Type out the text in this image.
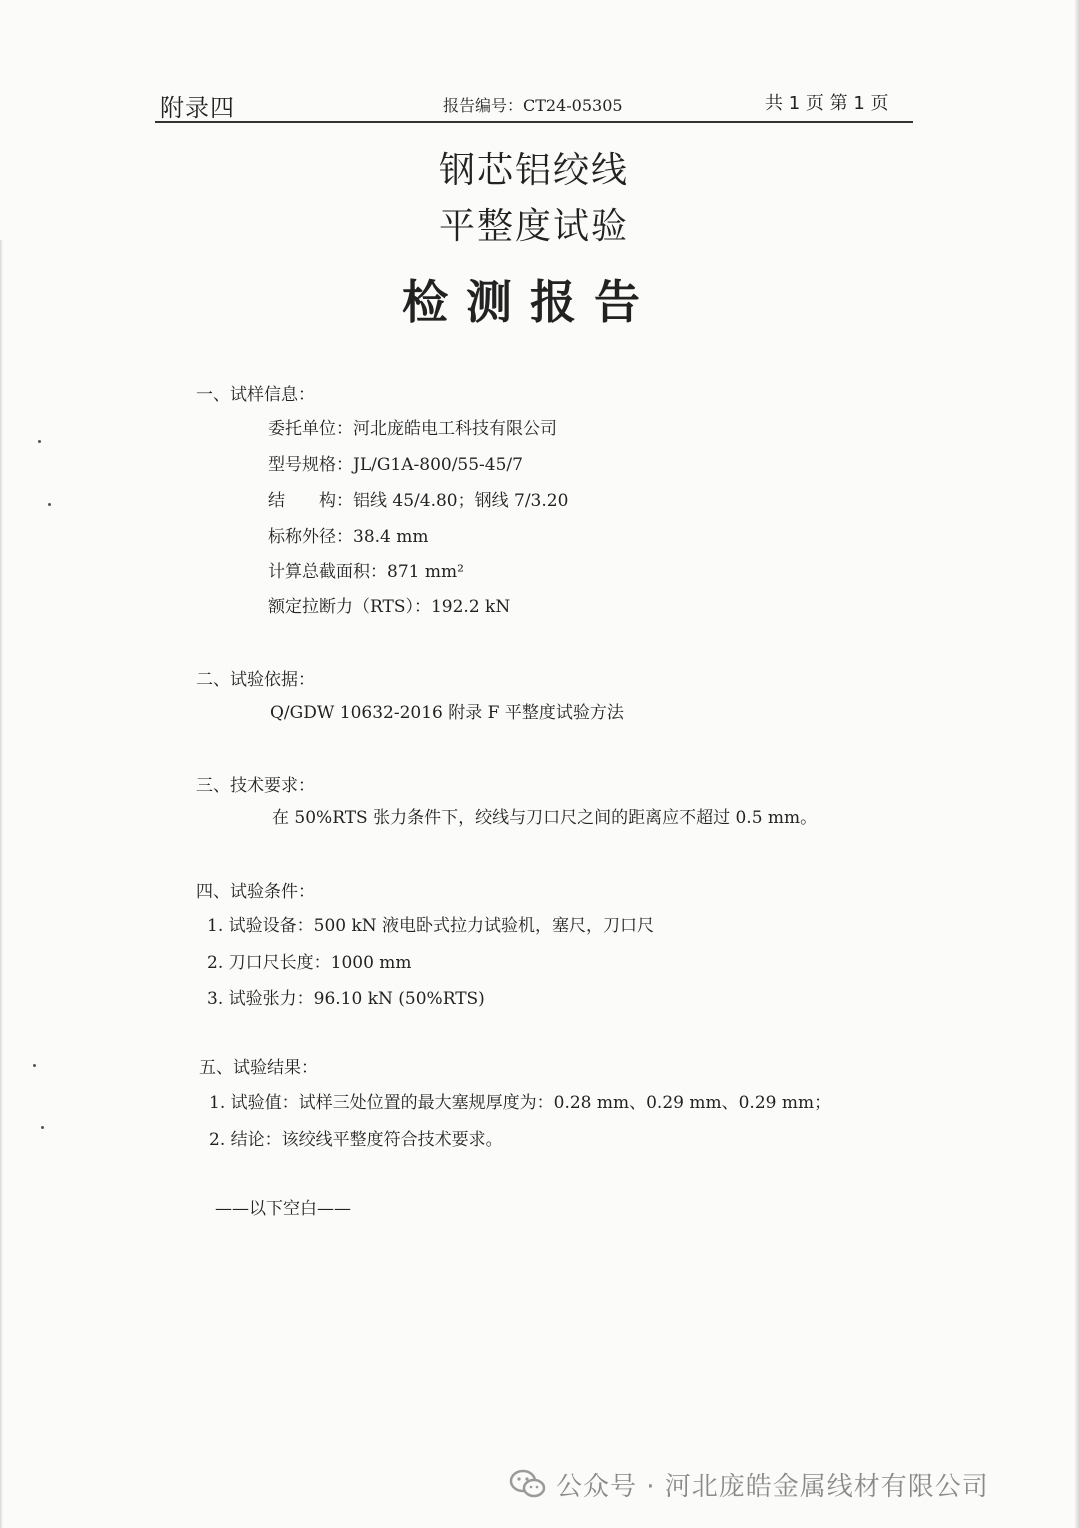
附录四	报告编号：CT24-05305	共 1 页 第 1 页
钢芯铝绞线
平整度试验
检测报告
一、试样信息：
委托单位：河北庞皓电工科技有限公司
型号规格：JL/G1A-800/55-45/7
结　　构：铝线 45/4.80；钢线 7/3.20
标称外径：38.4 mm
计算总截面积：871 mm²
额定拉断力（RTS）：192.2 kN
二、试验依据：
Q/GDW 10632-2016 附录 F 平整度试验方法
三、技术要求：
在 50%RTS 张力条件下，绞线与刀口尺之间的距离应不超过 0.5 mm。
四、试验条件：
1. 试验设备：500 kN 液电卧式拉力试验机，塞尺，刀口尺
2. 刀口尺长度：1000 mm
3. 试验张力：96.10 kN (50%RTS)
五、试验结果：
1. 试验值：试样三处位置的最大塞规厚度为：0.28 mm、0.29 mm、0.29 mm；
2. 结论：该绞线平整度符合技术要求。
——以下空白——
公众号 · 河北庞皓金属线材有限公司
